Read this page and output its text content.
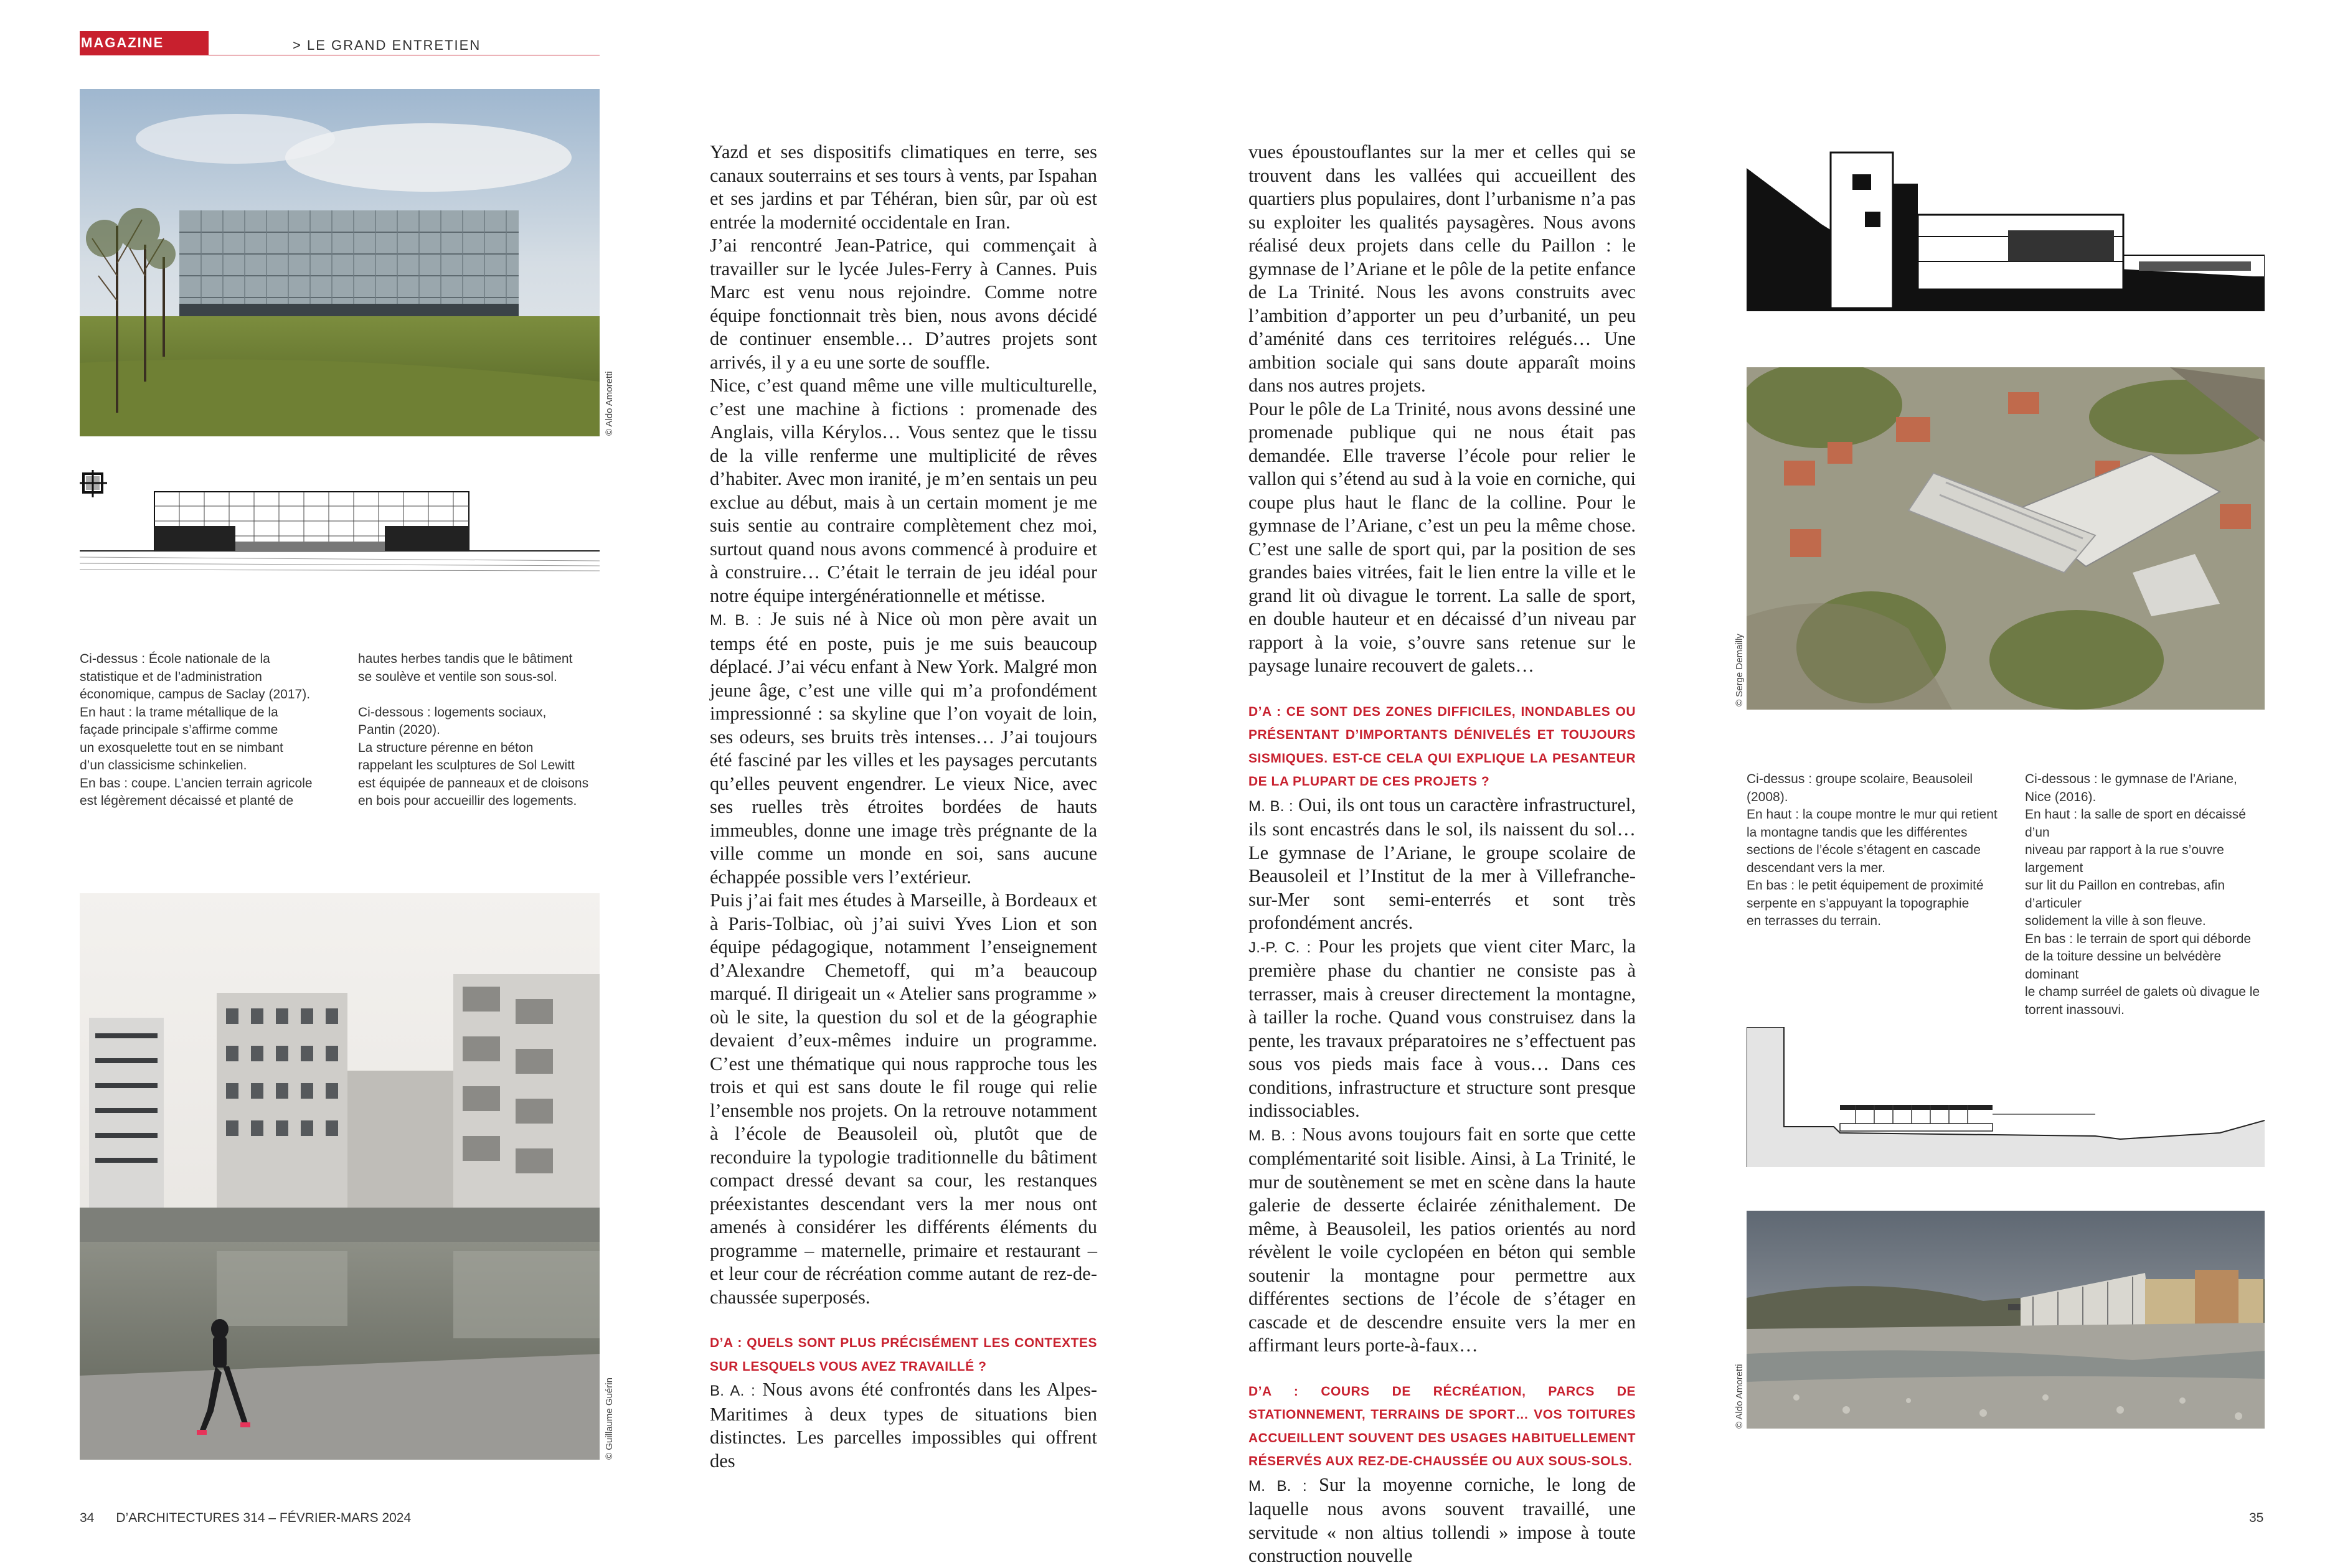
MAGAZINE	> LE GRAND ENTRETIEN
© Aldo Amoretti

Ci-dessus : École nationale de la

statistique et de l’administration

économique, campus de Saclay (2017).

En haut : la trame métallique de la

façade principale s’affirme comme

un exosquelette tout en se nimbant

d’un classicisme schinkelien.

En bas : coupe. L’ancien terrain agricole

est légèrement décaissé et planté de

hautes herbes tandis que le bâtiment

se soulève et ventile son sous-sol.

Ci-dessous : logements sociaux,

Pantin (2020).

La structure pérenne en béton

rappelant les sculptures de Sol Lewitt

est équipée de panneaux et de cloisons

en bois pour accueillir des logements.

© Guillaume Guérin

Yazd et ses dispositifs climatiques en terre, ses canaux souterrains et ses tours à vents, par Ispahan et ses jardins et par Téhéran, bien sûr, par où est entrée la modernité occidentale en Iran.

J’ai rencontré Jean-Patrice, qui commençait à travailler sur le lycée Jules-Ferry à Cannes. Puis Marc est venu nous rejoindre. Comme notre équipe fonctionnait très bien, nous avons décidé de continuer ensemble… D’autres projets sont arrivés, il y a eu une sorte de souffle.

Nice, c’est quand même une ville multiculturelle, c’est une machine à fictions : promenade des Anglais, villa Kérylos… Vous sentez que le tissu de la ville renferme une multiplicité de rêves d’habiter. Avec mon iranité, je m’en sentais un peu exclue au début, mais à un certain moment je me suis sentie au contraire complètement chez moi, surtout quand nous avons commencé à produire et à construire… C’était le terrain de jeu idéal pour notre équipe intergénérationnelle et métisse.

M. B. : Je suis né à Nice où mon père avait un temps été en poste, puis je me suis beaucoup déplacé. J’ai vécu enfant à New York. Malgré mon jeune âge, c’est une ville qui m’a profondément impressionné : sa skyline que l’on voyait de loin, ses odeurs, ses bruits très intenses… J’ai toujours été fasciné par les villes et les paysages percutants qu’elles peuvent engendrer. Le vieux Nice, avec ses ruelles très étroites bordées de hauts immeubles, donne une image très prégnante de la ville comme un monde en soi, sans aucune échappée possible vers l’extérieur.

Puis j’ai fait mes études à Marseille, à Bordeaux et à Paris-Tolbiac, où j’ai suivi Yves Lion et son équipe pédagogique, notamment l’enseignement d’Alexandre Chemetoff, qui m’a beaucoup marqué. Il dirigeait un « Atelier sans programme » où le site, la question du sol et de la géographie devaient d’eux-mêmes induire un programme. C’est une thématique qui nous rapproche tous les trois et qui est sans doute le fil rouge qui relie l’ensemble nos projets. On la retrouve notamment à l’école de Beausoleil où, plutôt que de reconduire la typologie traditionnelle du bâtiment compact dressé devant sa cour, les restanques préexistantes descendant vers la mer nous ont amenés à considérer les différents éléments du programme – maternelle, primaire et restaurant – et leur cour de récréation comme autant de rez-de-chaussée superposés.

D’A : QUELS SONT PLUS PRÉCISÉMENT LES CONTEXTES SUR LESQUELS VOUS AVEZ TRAVAILLÉ ?

B. A. : Nous avons été confrontés dans les Alpes-Maritimes à deux types de situations bien distinctes. Les parcelles impossibles qui offrent des

vues époustouflantes sur la mer et celles qui se trouvent dans les vallées qui accueillent des quartiers plus populaires, dont l’urbanisme n’a pas su exploiter les qualités paysagères. Nous avons réalisé deux projets dans celle du Paillon : le gymnase de l’Ariane et le pôle de la petite enfance de La Trinité. Nous les avons construits avec l’ambition d’apporter un peu d’urbanité, un peu d’aménité dans ces territoires relégués… Une ambition sociale qui sans doute apparaît moins dans nos autres projets.

Pour le pôle de La Trinité, nous avons dessiné une promenade publique qui ne nous était pas demandée. Elle traverse l’école pour relier le vallon qui s’étend au sud à la voie en corniche, qui coupe plus haut le flanc de la colline. Pour le gymnase de l’Ariane, c’est un peu la même chose. C’est une salle de sport qui, par la position de ses grandes baies vitrées, fait le lien entre la ville et le grand lit où divague le torrent. La salle de sport, en double hauteur et en décaissé d’un niveau par rapport à la voie, s’ouvre sans retenue sur le paysage lunaire recouvert de galets…

D’A : CE SONT DES ZONES DIFFICILES, INONDABLES OU PRÉSENTANT D’IMPORTANTS DÉNIVELÉS ET TOUJOURS SISMIQUES. EST-CE CELA QUI EXPLIQUE LA PESANTEUR DE LA PLUPART DE CES PROJETS ?

M. B. : Oui, ils ont tous un caractère infrastructurel, ils sont encastrés dans le sol, ils naissent du sol… Le gymnase de l’Ariane, le groupe scolaire de Beausoleil et l’Institut de la mer à Villefranche-sur-Mer sont semi-enterrés et sont très profondément ancrés.

J.-P. C. : Pour les projets que vient citer Marc, la première phase du chantier ne consiste pas à terrasser, mais à creuser directement la montagne, à tailler la roche. Quand vous construisez dans la pente, les travaux préparatoires ne s’effectuent pas sous vos pieds mais face à vous… Dans ces conditions, infrastructure et structure sont presque indissociables.

M. B. : Nous avons toujours fait en sorte que cette complémentarité soit lisible. Ainsi, à La Trinité, le mur de soutènement se met en scène dans la haute galerie de desserte éclairée zénithalement. De même, à Beausoleil, les patios orientés au nord révèlent le voile cyclopéen en béton qui semble soutenir la montagne pour permettre aux différentes sections de l’école de s’étager en cascade et de descendre ensuite vers la mer en affirmant leurs porte-à-faux…

D’A : COURS DE RÉCRÉATION, PARCS DE STATIONNEMENT, TERRAINS DE SPORT… VOS TOITURES ACCUEILLENT SOUVENT DES USAGES HABITUELLEMENT RÉSERVÉS AUX REZ-DE-CHAUSSÉE OU AUX SOUS-SOLS.

M. B. : Sur la moyenne corniche, le long de laquelle nous avons souvent travaillé, une servitude « non altius tollendi » impose à toute construction nouvelle

© Serge Demailly

Ci-dessus : groupe scolaire, Beausoleil

(2008).

En haut : la coupe montre le mur qui retient

la montagne tandis que les différentes

sections de l’école s’étagent en cascade

descendant vers la mer.

En bas : le petit équipement de proximité

serpente en s’appuyant la topographie

en terrasses du terrain.

Ci-dessous : le gymnase de l’Ariane,

Nice (2016).

En haut : la salle de sport en décaissé d’un

niveau par rapport à la rue s’ouvre largement

sur lit du Paillon en contrebas, afin d’articuler

solidement la ville à son fleuve.

En bas : le terrain de sport qui déborde

de la toiture dessine un belvédère dominant

le champ surréel de galets où divague le

torrent inassouvi.

© Aldo Amoretti
34      D’ARCHITECTURES 314 – FÉVRIER-MARS 2024	35
